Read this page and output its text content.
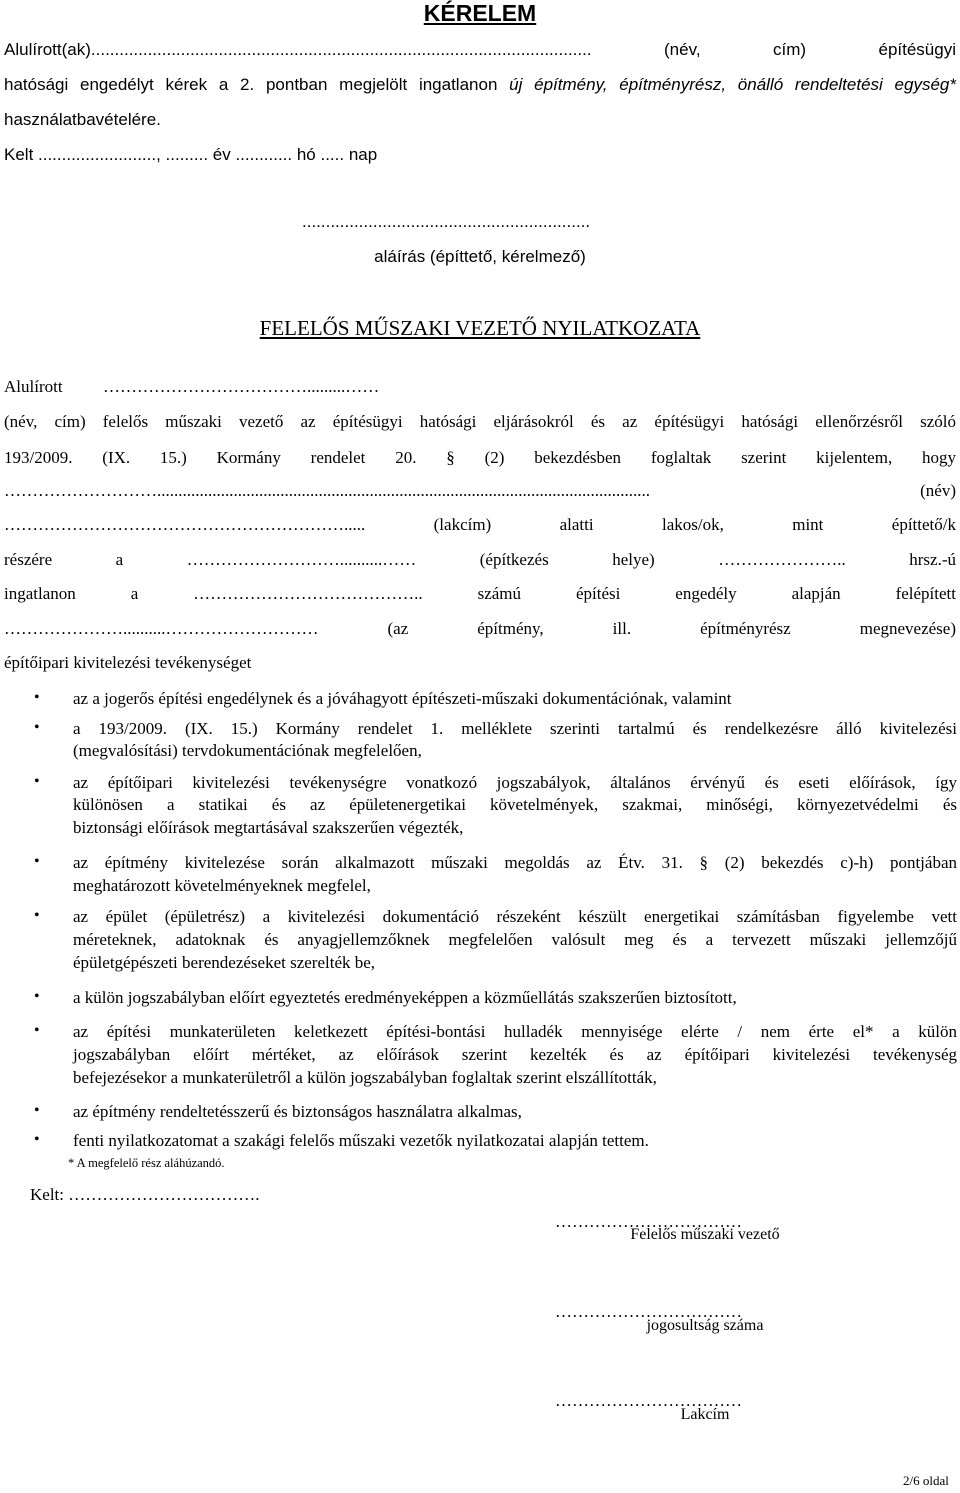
KÉRELEM
Alulírott(ak).......................................................................................................... (név, cím) építésügyi
hatósági engedélyt kérek a 2. pontban megjelölt ingatlanon új építmény, építményrész, önálló rendeltetési egység*
használatbavételére.
Kelt ........................., ......... év ............ hó ..... nap
.............................................................
aláírás (építtető, kérelmező)
FELELŐS MŰSZAKI VEZETŐ NYILATKOZATA
Alulírott ……………………………….........……
(név, cím) felelős műszaki vezető az építésügyi hatósági eljárásokról és az építésügyi hatósági ellenőrzésről szóló
193/2009. (IX. 15.) Kormány rendelet 20. § (2) bekezdésben foglaltak szerint kijelentem, hogy
……………………….................................................................................................................... (név)
……………………………………………………..... (lakcím) alatti lakos/ok, mint építtető/k
részére a ………………………..........…… (építkezés helye) ………………….. hrsz.-ú
ingatlanon a ………………………………….. számú építési engedély alapján felépített
…………………..........……………………… (az építmény, ill. építményrész megnevezése)
építőipari kivitelezési tevékenységet
• az a jogerős építési engedélynek és a jóváhagyott építészeti-műszaki dokumentációnak, valamint
• a 193/2009. (IX. 15.) Kormány rendelet 1. melléklete szerinti tartalmú és rendelkezésre álló kivitelezési
(megvalósítási) tervdokumentációnak megfelelően,
• az építőipari kivitelezési tevékenységre vonatkozó jogszabályok, általános érvényű és eseti előírások, így
különösen a statikai és az épületenergetikai követelmények, szakmai, minőségi, környezetvédelmi és
biztonsági előírások megtartásával szakszerűen végezték,
• az építmény kivitelezése során alkalmazott műszaki megoldás az Étv. 31. § (2) bekezdés c)-h) pontjában
meghatározott követelményeknek megfelel,
• az épület (épületrész) a kivitelezési dokumentáció részeként készült energetikai számításban figyelembe vett
méreteknek, adatoknak és anyagjellemzőknek megfelelően valósult meg és a tervezett műszaki jellemzőjű
épületgépészeti berendezéseket szerelték be,
• a külön jogszabályban előírt egyeztetés eredményeképpen a közműellátás szakszerűen biztosított,
• az építési munkaterületen keletkezett építési-bontási hulladék mennyisége elérte / nem érte el* a külön
jogszabályban előírt mértéket, az előírások szerint kezelték és az építőipari kivitelezési tevékenység
befejezésekor a munkaterületről a külön jogszabályban foglaltak szerint elszállították,
• az építmény rendeltetésszerű és biztonságos használatra alkalmas,
• fenti nyilatkozatomat a szakági felelős műszaki vezetők nyilatkozatai alapján tettem.
* A megfelelő rész aláhúzandó.
Kelt: …………………………….
……………………………
Felelős műszaki vezető
……………………………
jogosultság száma
……………………………
Lakcím
2/6 oldal
